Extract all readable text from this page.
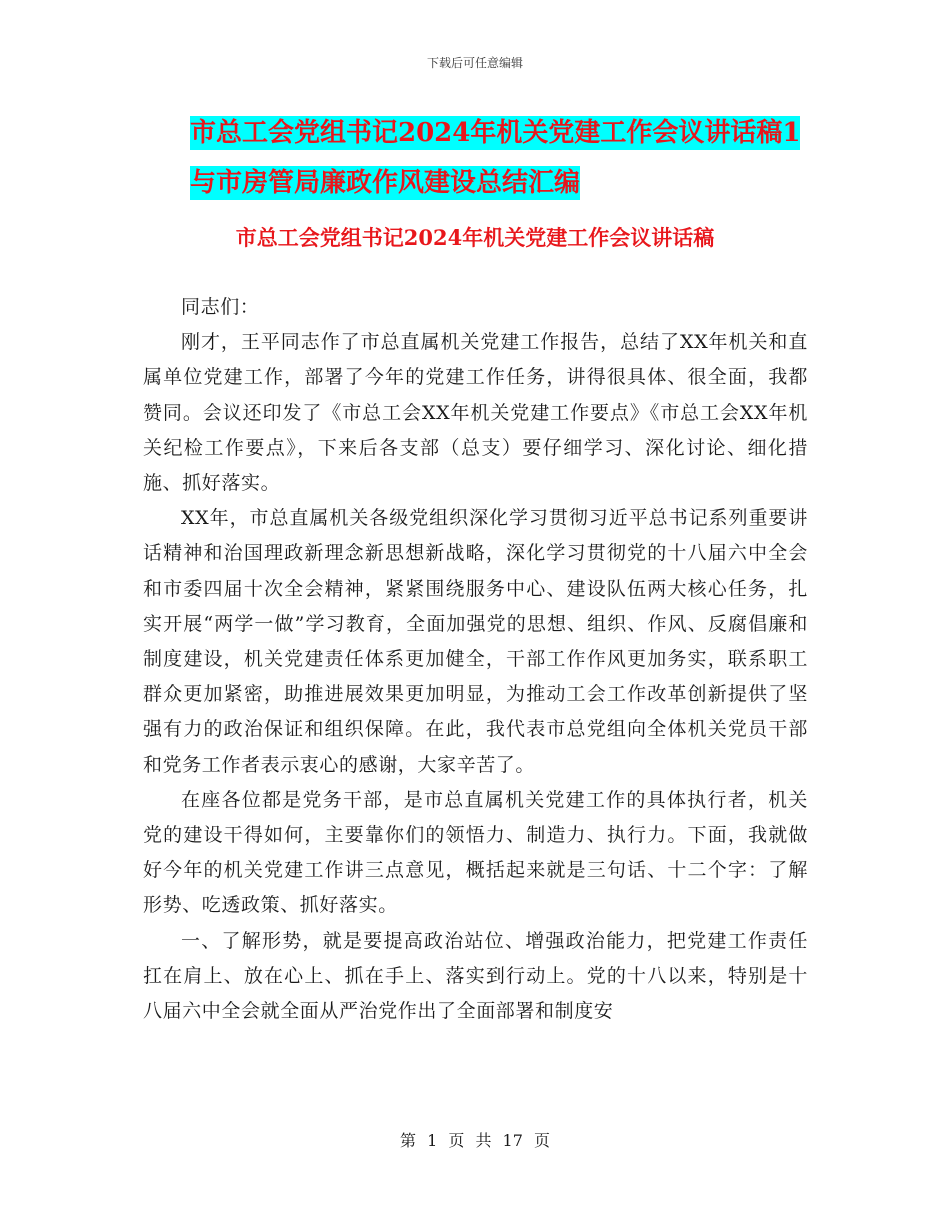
下载后可任意编辑
市总工会党组书记2024年机关党建工作会议讲话稿1
与市房管局廉政作风建设总结汇编
市总工会党组书记2024年机关党建工作会议讲话稿

同志们：

刚才，王平同志作了市总直属机关党建工作报告，总结了XX年机关和直属单位党建工作，部署了今年的党建工作任务，讲得很具体、很全面，我都赞同。会议还印发了《市总工会XX年机关党建工作要点》《市总工会XX年机关纪检工作要点》，下来后各支部（总支）要仔细学习、深化讨论、细化措施、抓好落实。

XX年，市总直属机关各级党组织深化学习贯彻习近平总书记系列重要讲话精神和治国理政新理念新思想新战略，深化学习贯彻党的十八届六中全会和市委四届十次全会精神，紧紧围绕服务中心、建设队伍两大核心任务，扎实开展“两学一做”学习教育，全面加强党的思想、组织、作风、反腐倡廉和制度建设，机关党建责任体系更加健全，干部工作作风更加务实，联系职工群众更加紧密，助推进展效果更加明显，为推动工会工作改革创新提供了坚强有力的政治保证和组织保障。在此，我代表市总党组向全体机关党员干部和党务工作者表示衷心的感谢，大家辛苦了。

在座各位都是党务干部，是市总直属机关党建工作的具体执行者，机关党的建设干得如何，主要靠你们的领悟力、制造力、执行力。下面，我就做好今年的机关党建工作讲三点意见，概括起来就是三句话、十二个字：了解形势、吃透政策、抓好落实。

一、了解形势，就是要提高政治站位、增强政治能力，把党建工作责任扛在肩上、放在心上、抓在手上、落实到行动上。党的十八以来，特别是十八届六中全会就全面从严治党作出了全面部署和制度安

第 1 页 共 17 页
